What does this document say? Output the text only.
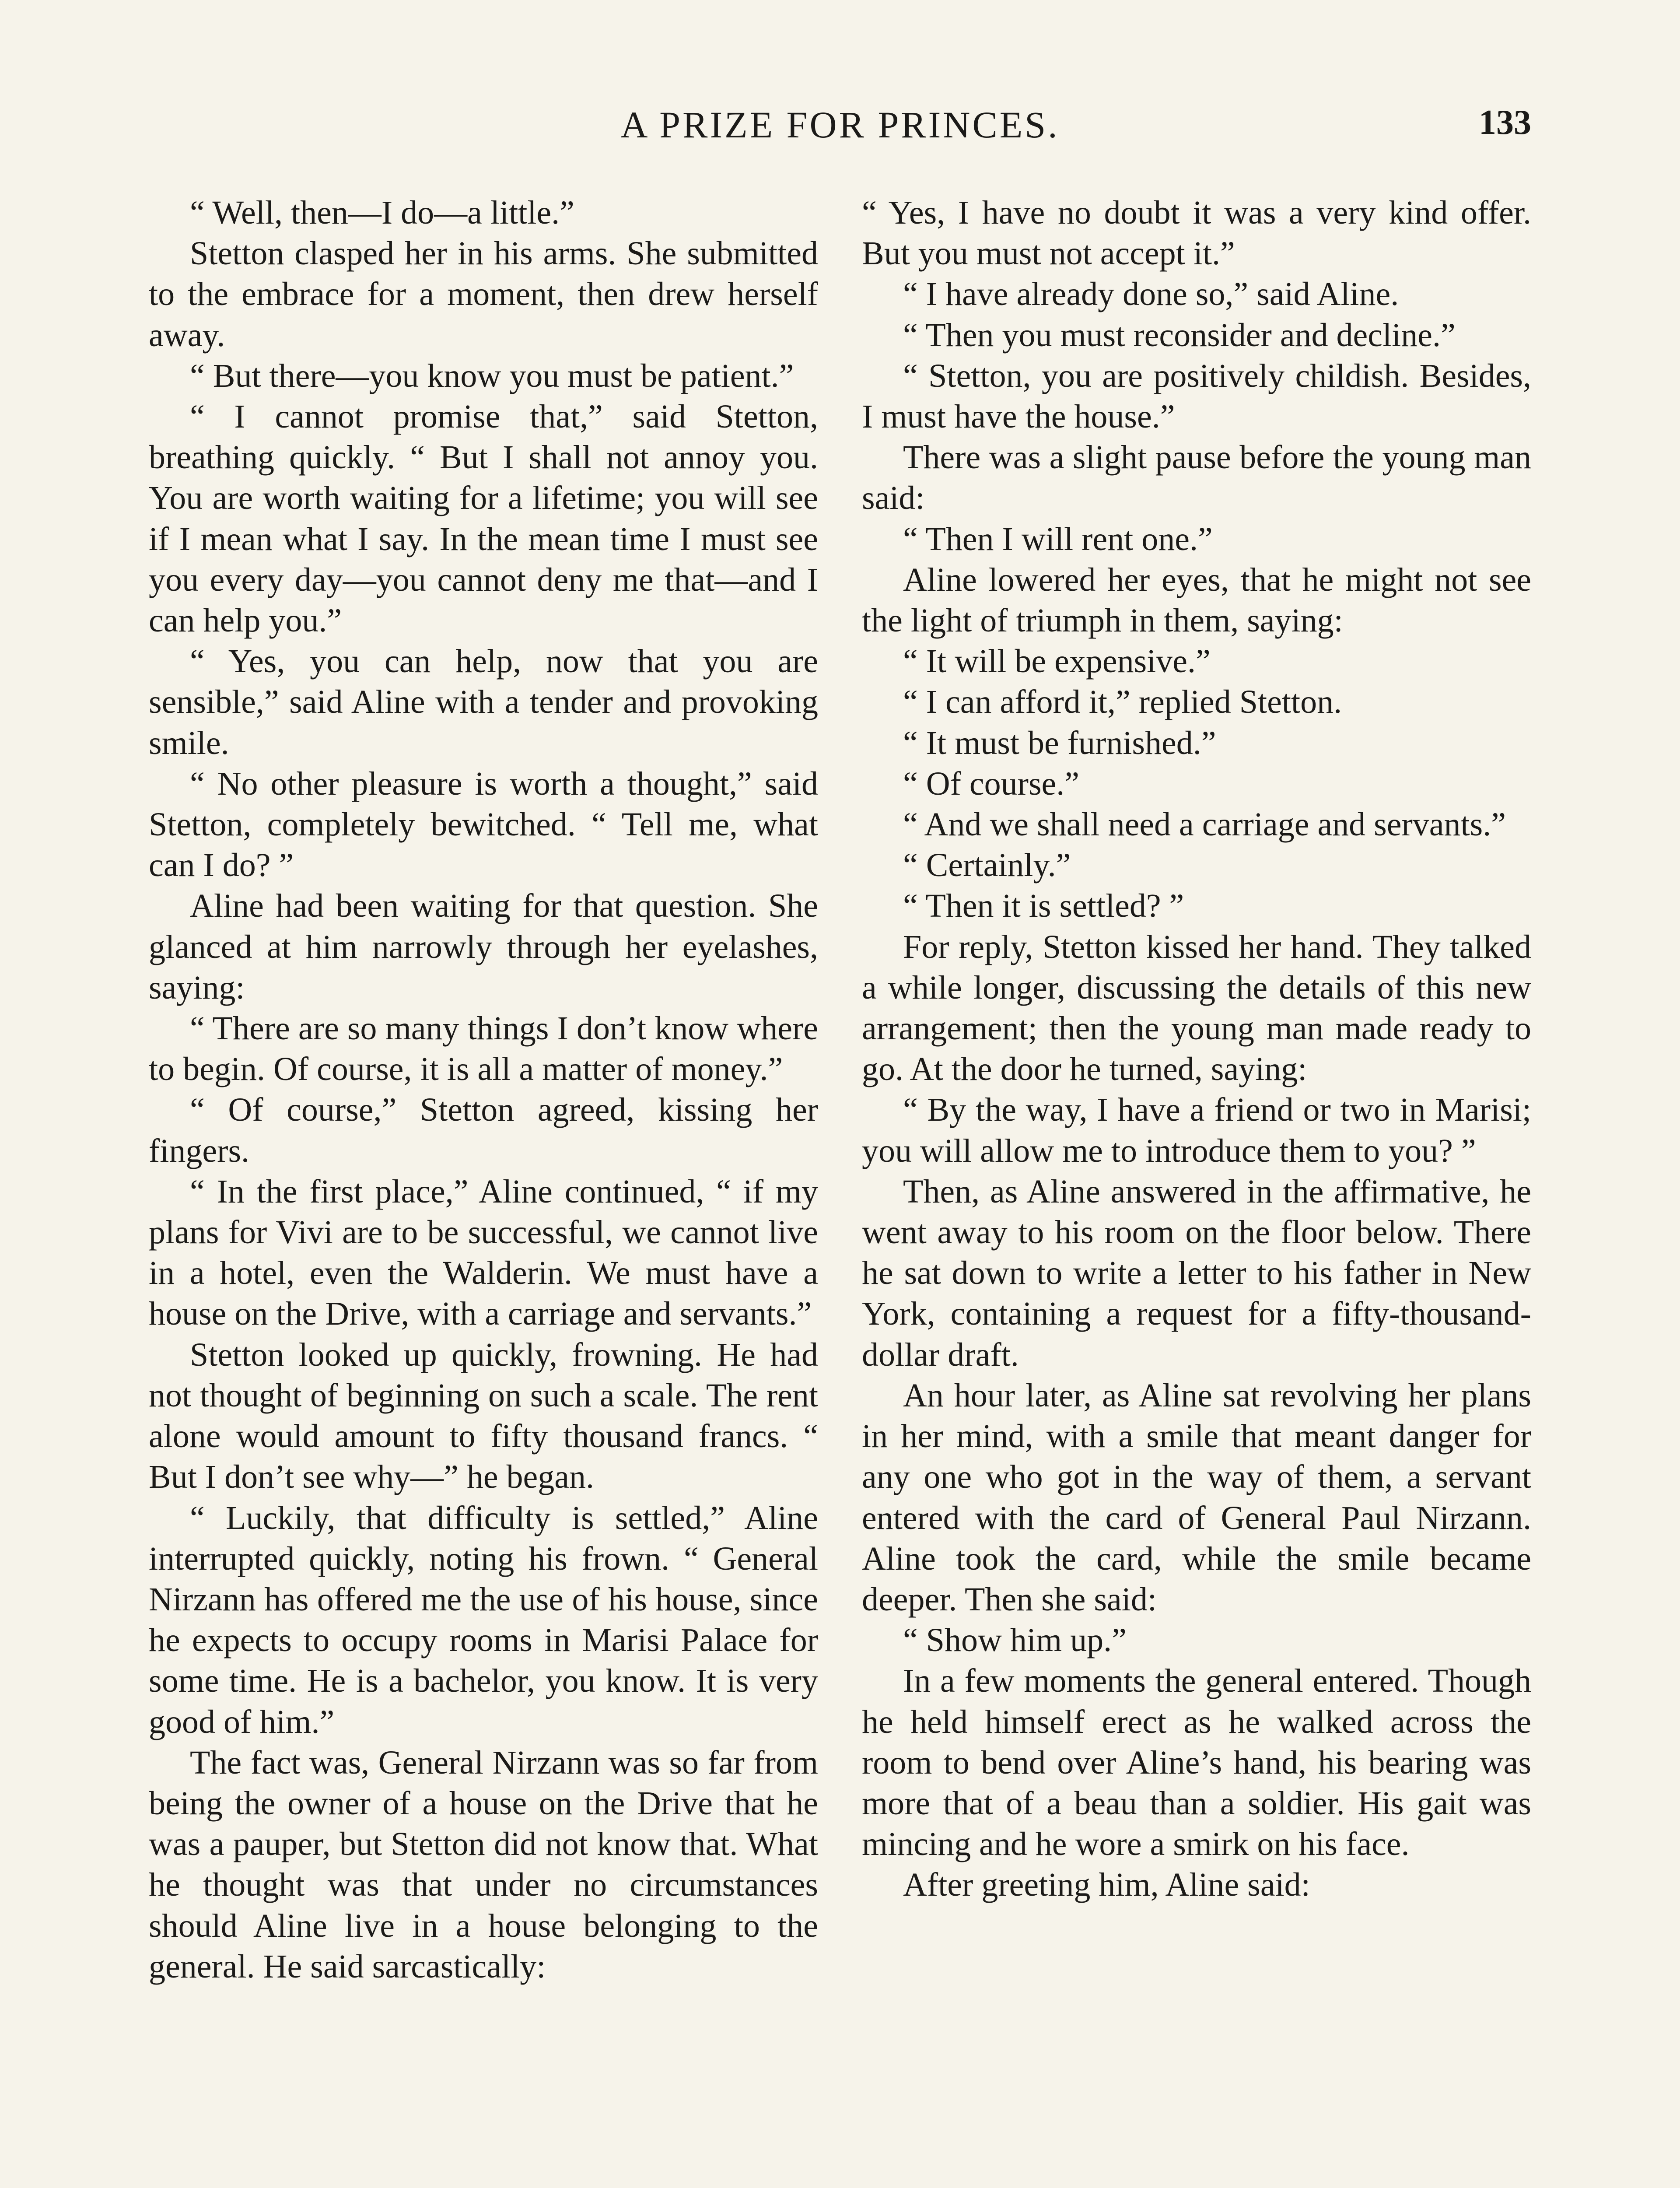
A PRIZE FOR PRINCES.	133

“ Well, then—I do—a little.”

Stetton clasped her in his arms. She submitted to the embrace for a moment, then drew herself away.

“ But there—you know you must be patient.”

“ I cannot promise that,” said Stetton, breathing quickly. “ But I shall not annoy you. You are worth waiting for a lifetime; you will see if I mean what I say. In the mean time I must see you every day—you cannot deny me that—and I can help you.”

“ Yes, you can help, now that you are sensible,” said Aline with a tender and provoking smile.

“ No other pleasure is worth a thought,” said Stetton, completely bewitched. “ Tell me, what can I do? ”

Aline had been waiting for that question. She glanced at him narrowly through her eyelashes, saying:

“ There are so many things I don’t know where to begin. Of course, it is all a matter of money.”

“ Of course,” Stetton agreed, kissing her fingers.

“ In the first place,” Aline continued, “ if my plans for Vivi are to be successful, we cannot live in a hotel, even the Walderin. We must have a house on the Drive, with a carriage and servants.”

Stetton looked up quickly, frowning. He had not thought of beginning on such a scale. The rent alone would amount to fifty thousand francs. “ But I don’t see why—” he began.

“ Luckily, that difficulty is settled,” Aline interrupted quickly, noting his frown. “ General Nirzann has offered me the use of his house, since he expects to occupy rooms in Marisi Palace for some time. He is a bachelor, you know. It is very good of him.”

The fact was, General Nirzann was so far from being the owner of a house on the Drive that he was a pauper, but Stetton did not know that. What he thought was that under no circumstances should Aline live in a house belonging to the general. He said sarcastically:

“ Yes, I have no doubt it was a very kind offer. But you must not accept it.”

“ I have already done so,” said Aline.

“ Then you must reconsider and decline.”

“ Stetton, you are positively childish. Besides, I must have the house.”

There was a slight pause before the young man said:

“ Then I will rent one.”

Aline lowered her eyes, that he might not see the light of triumph in them, saying:

“ It will be expensive.”

“ I can afford it,” replied Stetton.

“ It must be furnished.”

“ Of course.”

“ And we shall need a carriage and servants.”

“ Certainly.”

“ Then it is settled? ”

For reply, Stetton kissed her hand. They talked a while longer, discussing the details of this new arrangement; then the young man made ready to go. At the door he turned, saying:

“ By the way, I have a friend or two in Marisi; you will allow me to introduce them to you? ”

Then, as Aline answered in the affirmative, he went away to his room on the floor below. There he sat down to write a letter to his father in New York, containing a request for a fifty-thousand-dollar draft.

An hour later, as Aline sat revolving her plans in her mind, with a smile that meant danger for any one who got in the way of them, a servant entered with the card of General Paul Nirzann. Aline took the card, while the smile became deeper. Then she said:

“ Show him up.”

In a few moments the general entered. Though he held himself erect as he walked across the room to bend over Aline’s hand, his bearing was more that of a beau than a soldier. His gait was mincing and he wore a smirk on his face.

After greeting him, Aline said:
